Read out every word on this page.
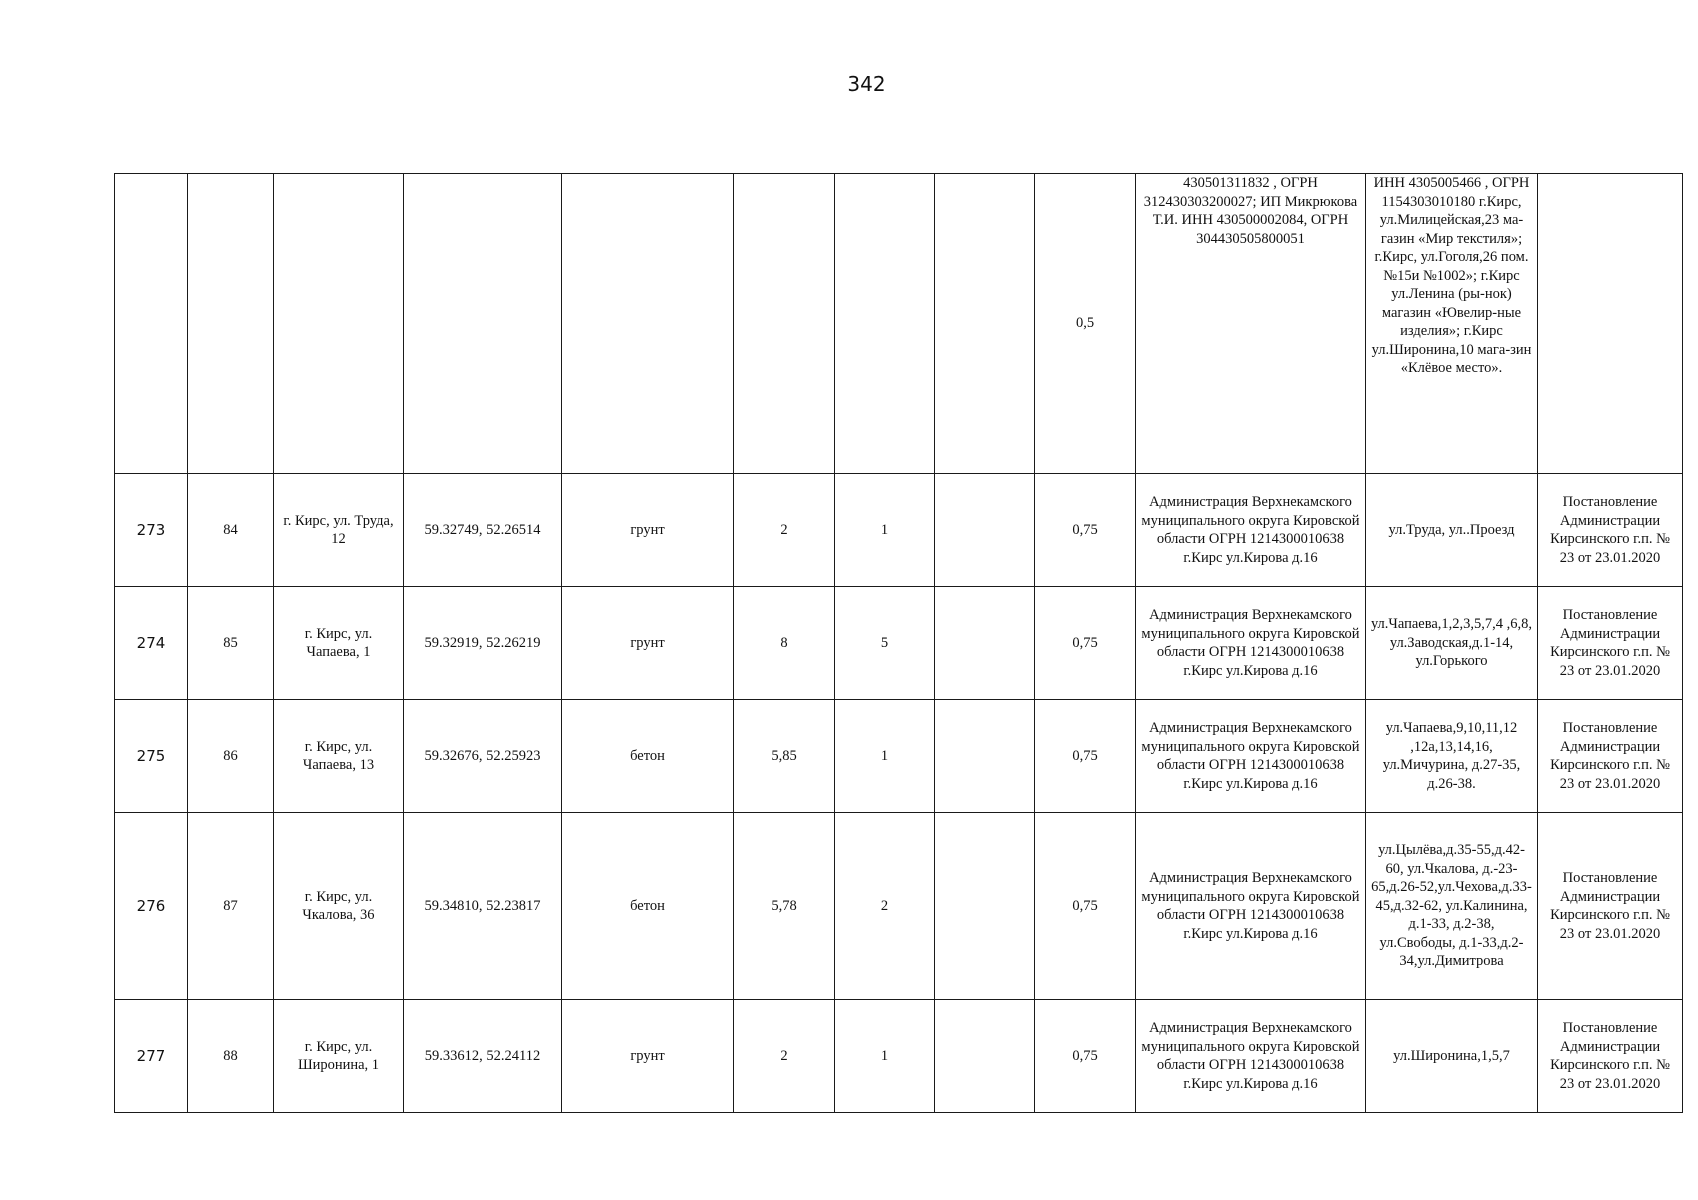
342
								0,5	430501311832 , ОГРН 312430303200027; ИП Микрюкова Т.И. ИНН 430500002084, ОГРН 304430505800051	ИНН 4305005466 , ОГРН 1154303010180 г.Кирс, ул.Милицейская,23 ма-газин «Мир текстиля»; г.Кирс, ул.Гоголя,26 пом.№15и №1002»; г.Кирс ул.Ленина (ры-нок) магазин «Ювелир-ные изделия»; г.Кирс ул.Широнина,10 мага-зин «Клёвое место».	
273	84	г. Кирс, ул. Труда, 12	59.32749, 52.26514	грунт	2	1		0,75	Администрация Верхнекамского муниципального округа Кировской области ОГРН 1214300010638 г.Кирс ул.Кирова д.16	ул.Труда, ул..Проезд	Постановление Администрации Кирсинского г.п. № 23 от 23.01.2020
274	85	г. Кирс, ул. Чапаева, 1	59.32919, 52.26219	грунт	8	5		0,75	Администрация Верхнекамского муниципального округа Кировской области ОГРН 1214300010638 г.Кирс ул.Кирова д.16	ул.Чапаева,1,2,3,5,7,4 ,6,8, ул.Заводская,д.1-14, ул.Горького	Постановление Администрации Кирсинского г.п. № 23 от 23.01.2020
275	86	г. Кирс, ул. Чапаева, 13	59.32676, 52.25923	бетон	5,85	1		0,75	Администрация Верхнекамского муниципального округа Кировской области ОГРН 1214300010638 г.Кирс ул.Кирова д.16	ул.Чапаева,9,10,11,12 ,12а,13,14,16, ул.Мичурина, д.27-35, д.26-38.	Постановление Администрации Кирсинского г.п. № 23 от 23.01.2020
276	87	г. Кирс, ул. Чкалова, 36	59.34810, 52.23817	бетон	5,78	2		0,75	Администрация Верхнекамского муниципального округа Кировской области ОГРН 1214300010638 г.Кирс ул.Кирова д.16	ул.Цылёва,д.35-55,д.42-60, ул.Чкалова, д.-23-65,д.26-52,ул.Чехова,д.33-45,д.32-62, ул.Калинина, д.1-33, д.2-38, ул.Свободы, д.1-33,д.2-34,ул.Димитрова	Постановление Администрации Кирсинского г.п. № 23 от 23.01.2020
277	88	г. Кирс, ул. Широнина, 1	59.33612, 52.24112	грунт	2	1		0,75	Администрация Верхнекамского муниципального округа Кировской области ОГРН 1214300010638 г.Кирс ул.Кирова д.16	ул.Широнина,1,5,7	Постановление Администрации Кирсинского г.п. № 23 от 23.01.2020
